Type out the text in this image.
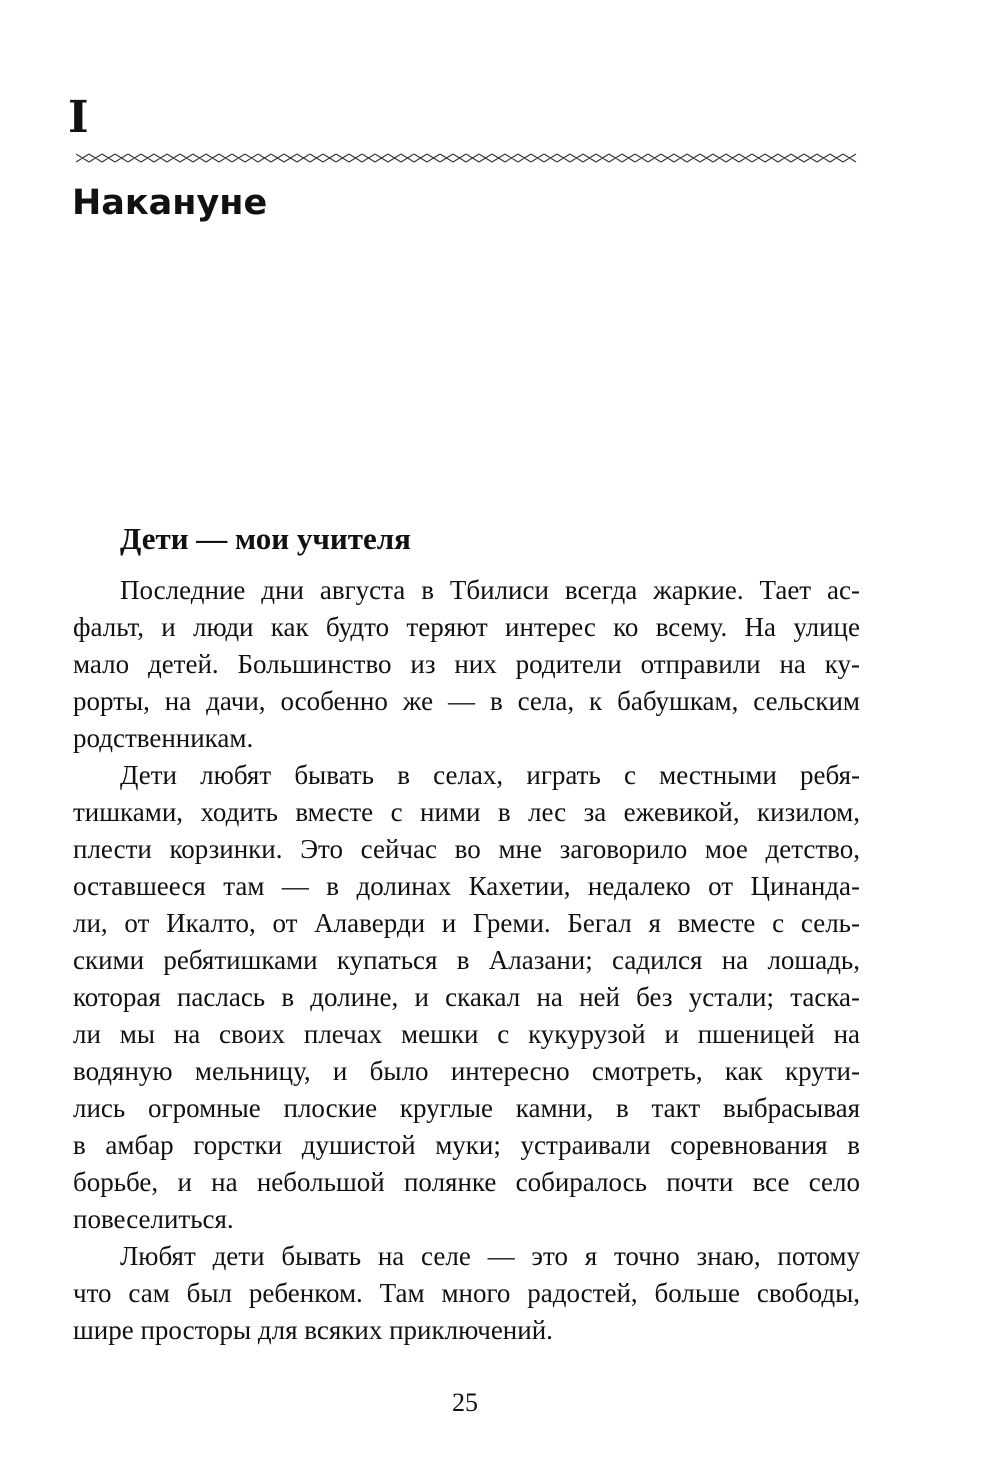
I
Накануне
Дети — мои учителя

Последние дни августа в Тбилиси всегда жаркие. Тает ас-
фальт, и люди как будто теряют интерес ко всему. На улице
мало детей. Большинство из них родители отправили на ку-
рорты, на дачи, особенно же — в села, к бабушкам, сельским
родственникам.

Дети любят бывать в селах, играть с местными ребя-
тишками, ходить вместе с ними в лес за ежевикой, кизилом,
плести корзинки. Это сейчас во мне заговорило мое детство,
оставшееся там — в долинах Кахетии, недалеко от Цинанда-
ли, от Икалто, от Алаверди и Греми. Бегал я вместе с сель-
скими ребятишками купаться в Алазани; садился на лошадь,
которая паслась в долине, и скакал на ней без устали; таска-
ли мы на своих плечах мешки с кукурузой и пшеницей на
водяную мельницу, и было интересно смотреть, как крути-
лись огромные плоские круглые камни, в такт выбрасывая
в амбар горстки душистой муки; устраивали соревнования в
борьбе, и на небольшой полянке собиралось почти все село
повеселиться.

Любят дети бывать на селе — это я точно знаю, потому
что сам был ребенком. Там много радостей, больше свободы,
шире просторы для всяких приключений.

25
